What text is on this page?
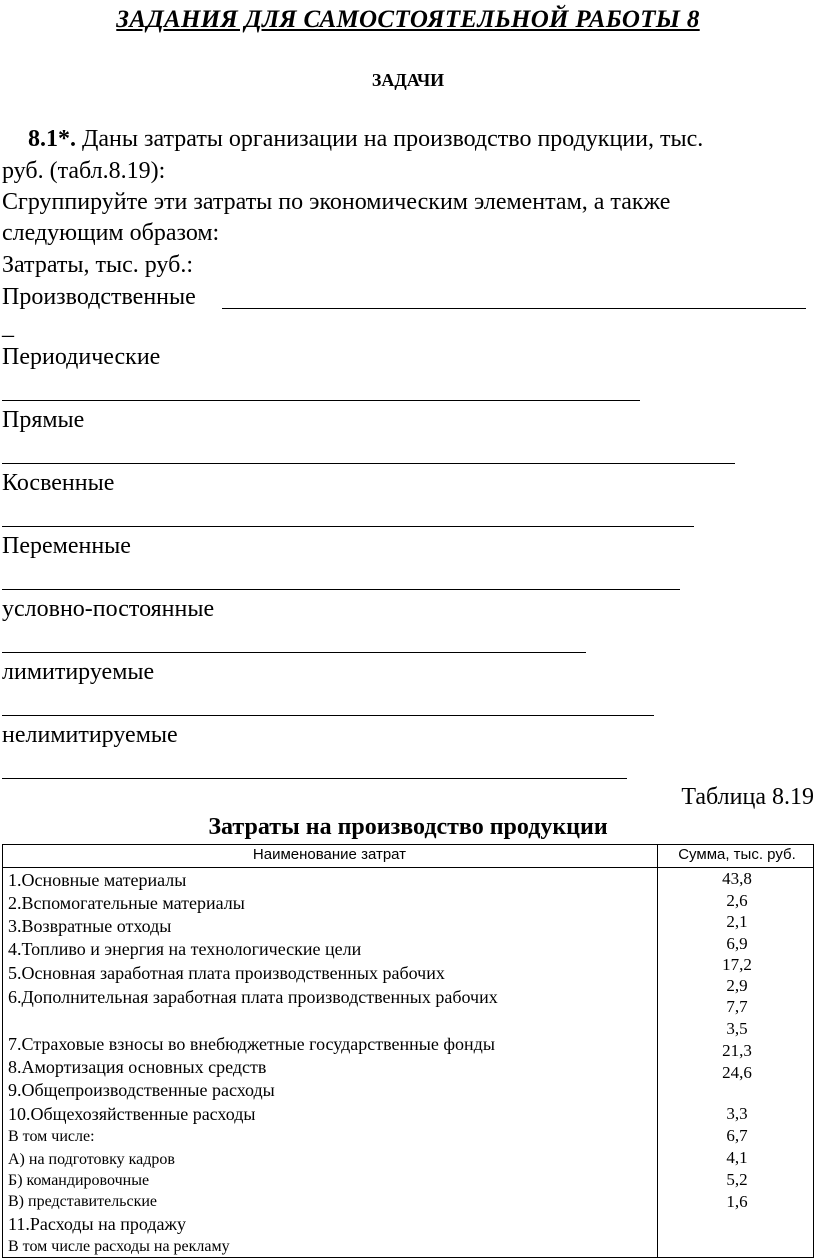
ЗАДАНИЯ ДЛЯ САМОСТОЯТЕЛЬНОЙ РАБОТЫ 8
ЗАДАЧИ
8.1*. Даны затраты организации на производство продукции, тыс.
руб. (табл.8.19):
Сгруппируйте эти затраты по экономическим элементам, а также
следующим образом:
Затраты, тыс. руб.:
Производственные
_
Периодические
Прямые
Косвенные
Переменные
условно-постоянные
лимитируемые
нелимитируемые
Таблица 8.19
Затраты на производство продукции
Наименование затрат	Сумма, тыс. руб.
1.Основные материалы
2.Вспомогательные материалы
3.Возвратные отходы
4.Топливо и энергия на технологические цели
5.Основная заработная плата производственных рабочих
6.Дополнительная заработная плата производственных рабочих
7.Страховые взносы во внебюджетные государственные фонды
8.Амортизация основных средств
9.Общепроизводственные расходы
10.Общехозяйственные расходы
В том числе:
А) на подготовку кадров
Б) командировочные
В) представительские
11.Расходы на продажу
В том числе расходы на рекламу
43,8
2,6
2,1
6,9
17,2
2,9
7,7
3,5
21,3
24,6
3,3
6,7
4,1
5,2
1,6
